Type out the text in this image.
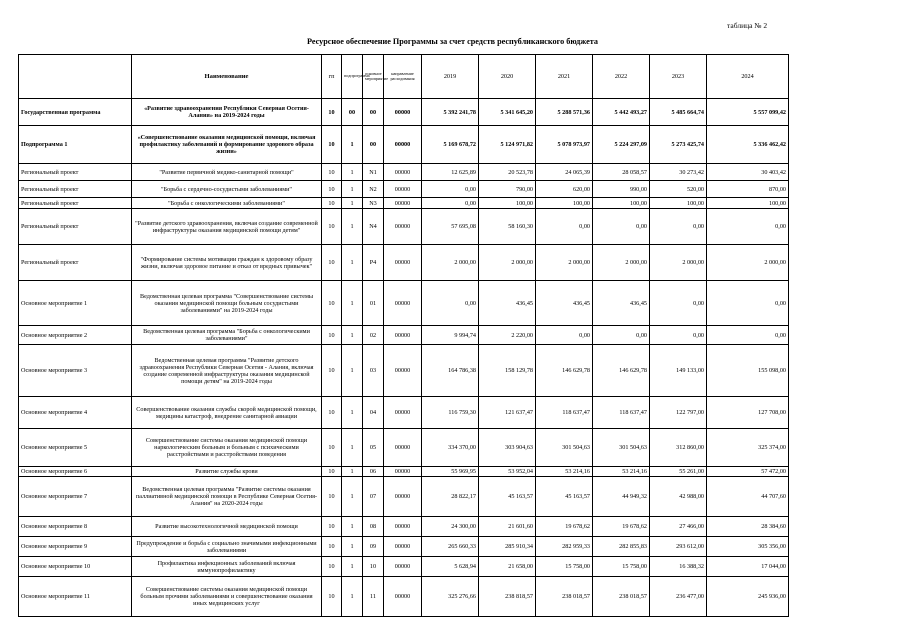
таблица № 2
Ресурсное обеспечение Программы за счет средств республиканского бюджета
	Наименование	гп	подпрограмма	основное мероприятие	направление расходования	2019	2020	2021	2022	2023	2024
Государственная программа	«Развитие здравоохранения Республики Северная Осетия-Алания» на 2019-2024 годы	10	00	00	00000	5 392 241,78	5 341 645,20	5 288 571,36	5 442 493,27	5 485 664,74	5 557 099,42
Подпрограмма 1	«Совершенствование оказания медицинской помощи, включая профилактику заболеваний и формирование здорового образа жизни»	10	1	00	00000	5 169 678,72	5 124 971,82	5 078 973,97	5 224 297,09	5 273 425,74	5 336 462,42
Региональный проект	"Развитие первичной медико-санитарной помощи"	10	1	N1	00000	12 625,89	20 523,78	24 065,39	28 058,57	30 273,42	30 403,42
Региональный проект	"Борьба с сердечно-сосудистыми заболеваниями"	10	1	N2	00000	0,00	790,00	620,00	990,00	520,00	870,00
Региональный проект	"Борьба с онкологическими заболеваниями"	10	1	N3	00000	0,00	100,00	100,00	100,00	100,00	100,00
Региональный проект	"Развитие детского здравоохранения, включая создание современной инфраструктуры оказания медицинской помощи детям"	10	1	N4	00000	57 695,08	58 160,30	0,00	0,00	0,00	0,00
Региональный проект	"Формирование системы мотивации граждан к здоровому образу жизни, включая здоровое питание и отказ от вредных привычек"	10	1	P4	00000	2 000,00	2 000,00	2 000,00	2 000,00	2 000,00	2 000,00
Основное мероприятие 1	Ведомственная целевая программа "Совершенствование системы оказания медицинской помощи больным сосудистыми заболеваниями" на 2019-2024 годы	10	1	01	00000	0,00	436,45	436,45	436,45	0,00	0,00
Основное мероприятие 2	Ведомственная целевая программа "Борьба с онкологическими заболеваниями"	10	1	02	00000	9 994,74	2 220,00	0,00	0,00	0,00	0,00
Основное мероприятие 3	Ведомственная целевая программа "Развитие детского здравоохранения Республики Северная Осетия - Алания, включая создание современной инфраструктуры оказания медицинской помощи детям" на 2019-2024 годы	10	1	03	00000	164 786,38	158 129,78	146 629,78	146 629,78	149 133,00	155 098,00
Основное мероприятие 4	Совершенствование оказания службы скорой медицинской помощи, медицины катастроф, внедрение санитарной авиации	10	1	04	00000	116 759,30	121 637,47	118 637,47	118 637,47	122 797,00	127 708,00
Основное мероприятие 5	Совершенствование системы оказания медицинской помощи наркологическим больным и больным с психическими расстройствами и расстройствами поведения	10	1	05	00000	334 370,00	303 904,63	301 504,63	301 504,63	312 860,00	325 374,00
Основное мероприятие 6	Развитие службы крови	10	1	06	00000	55 969,95	53 952,04	53 214,16	53 214,16	55 261,00	57 472,00
Основное мероприятие 7	Ведомственная целевая программа "Развитие системы оказания паллиативной медицинской помощи в Республике Северная Осетия-Алания" на 2020-2024 годы	10	1	07	00000	28 822,17	45 163,57	45 163,57	44 949,32	42 988,00	44 707,60
Основное мероприятие 8	Развитие высокотехнологичной медицинской помощи	10	1	08	00000	24 300,00	21 601,60	19 678,62	19 678,62	27 466,00	28 384,60
Основное мероприятие 9	Предупреждение и борьба с социально значимыми инфекционными заболеваниями	10	1	09	00000	265 660,33	285 910,34	282 959,33	282 855,83	293 612,00	305 356,00
Основное мероприятие 10	Профилактика инфекционных заболеваний включая иммунопрофилактику	10	1	10	00000	5 628,94	21 658,00	15 758,00	15 758,00	16 388,32	17 044,00
Основное мероприятие 11	Совершенствование системы оказания медицинской помощи больным прочими заболеваниями и совершенствование оказания иных медицинских услуг	10	1	11	00000	325 276,66	238 818,57	238 018,57	238 018,57	236 477,00	245 936,00
